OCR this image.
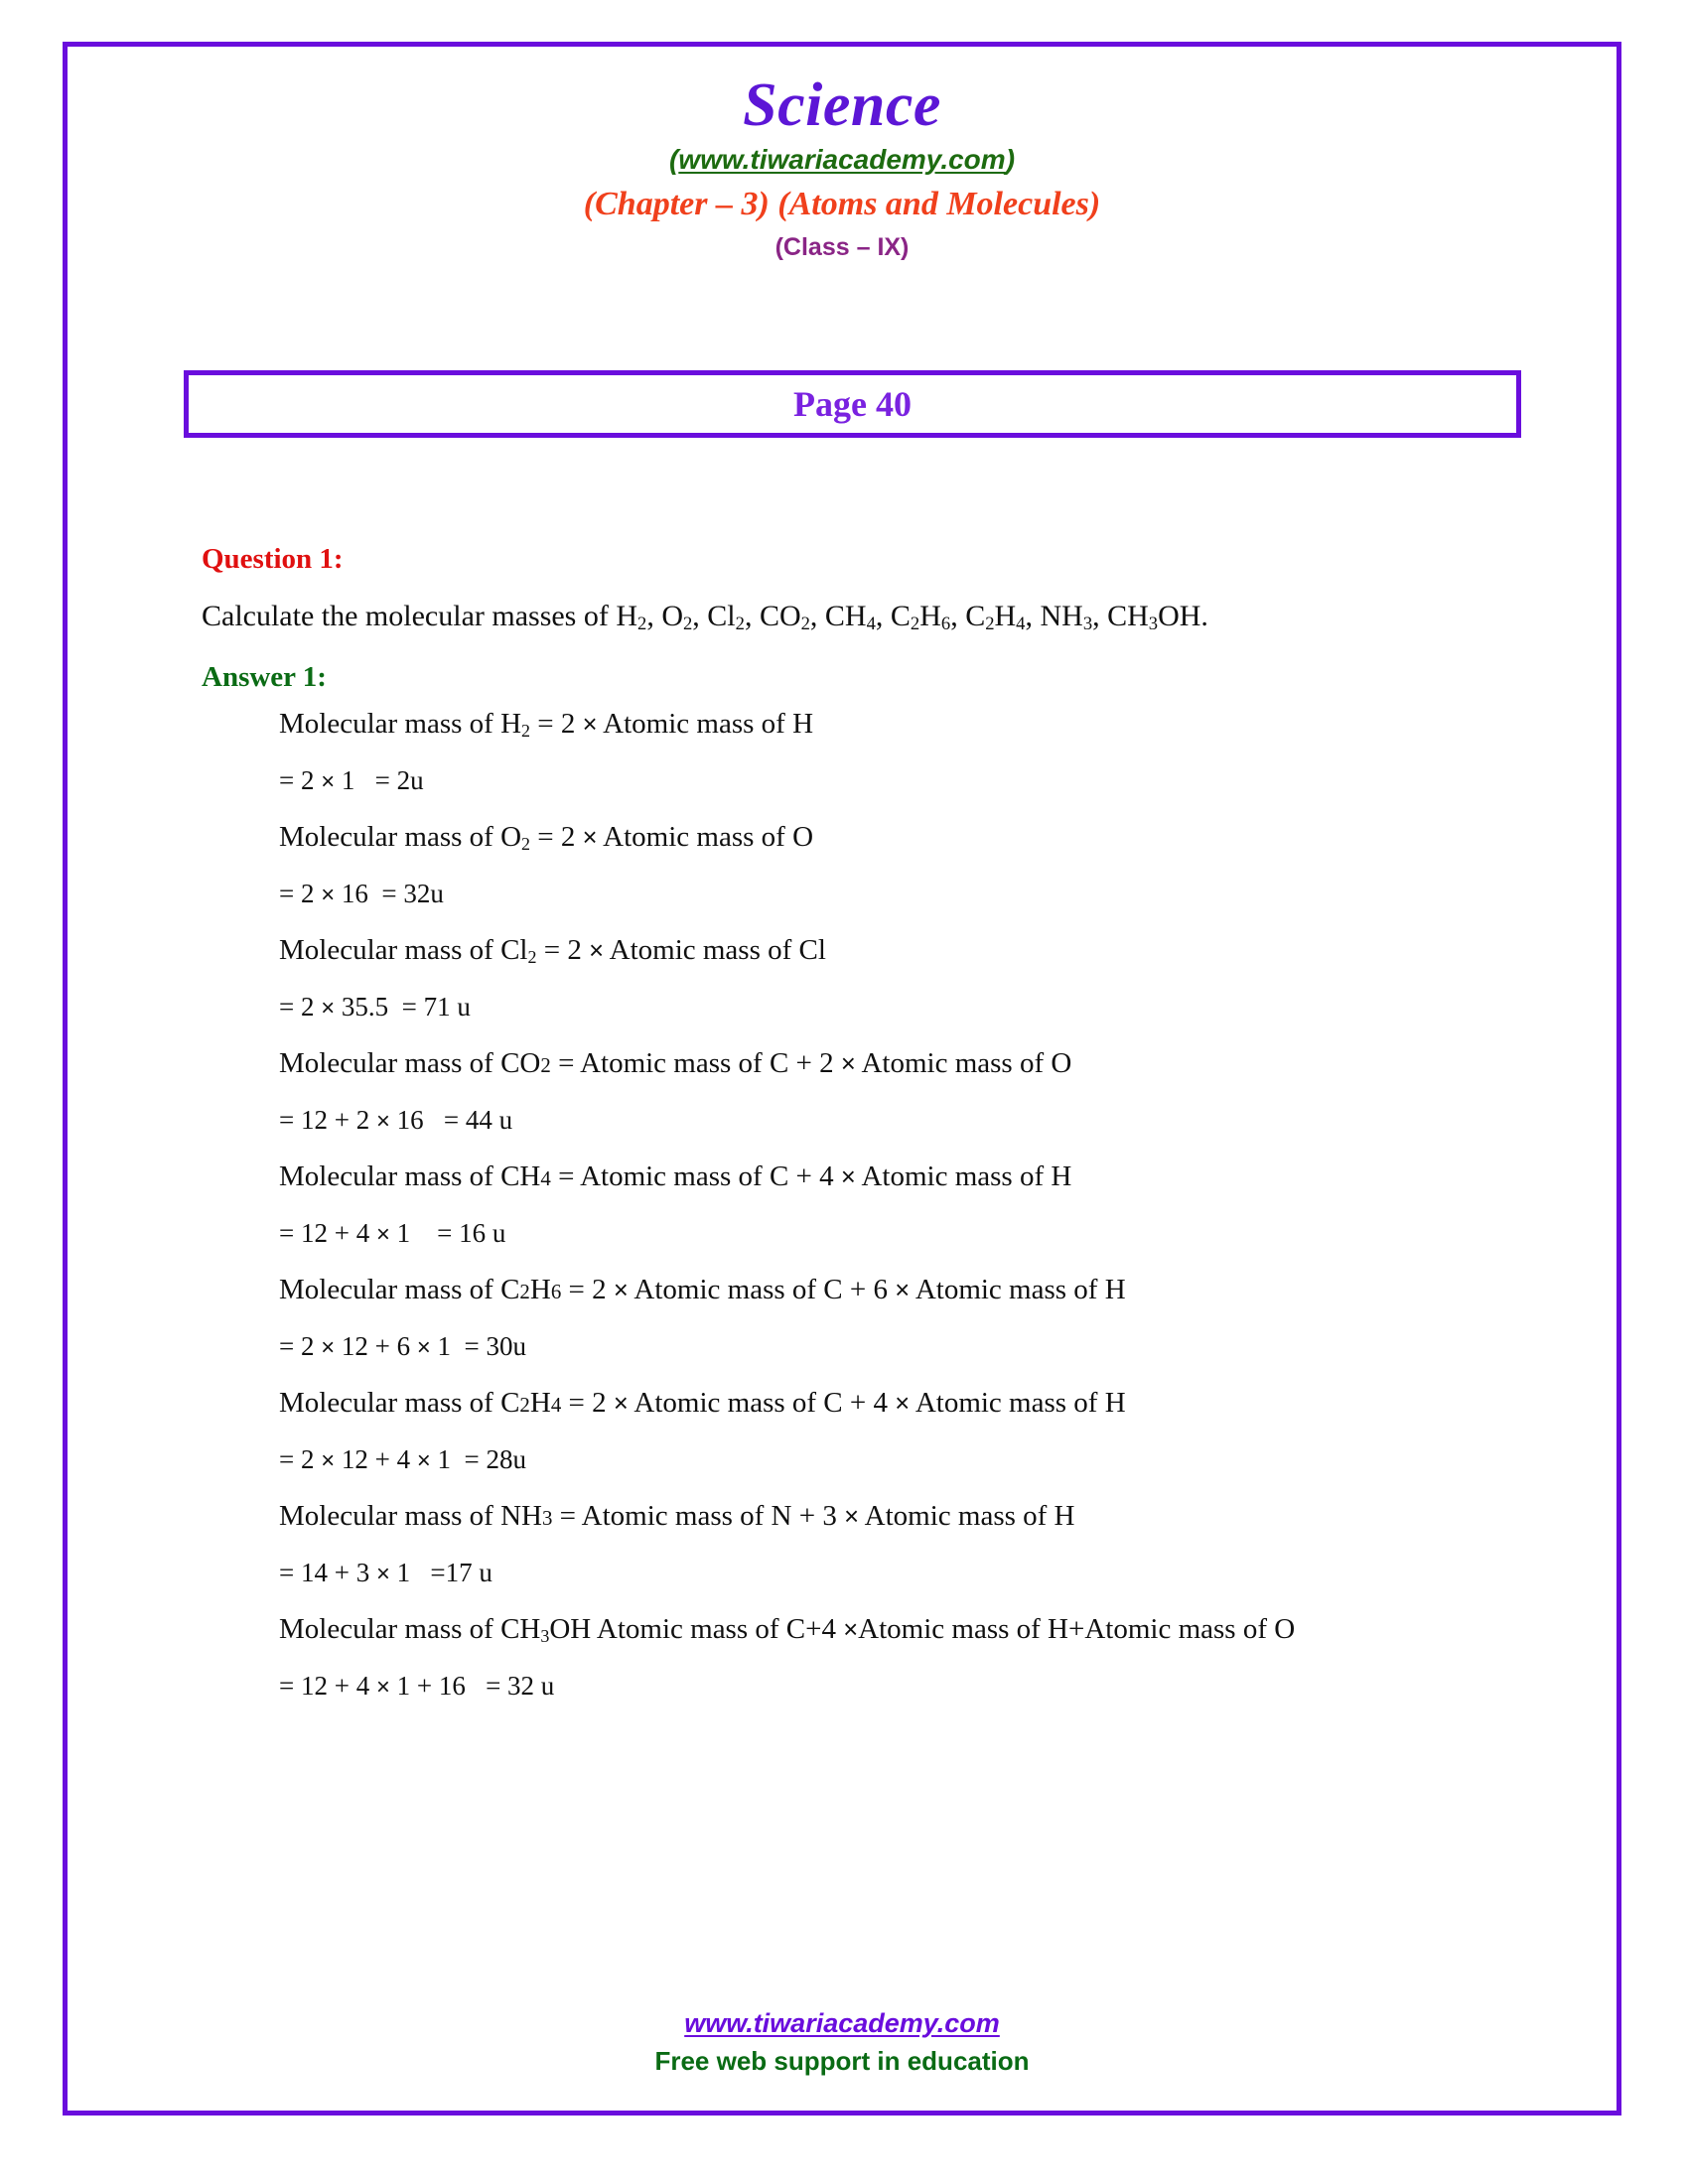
Science
(www.tiwariacademy.com)
(Chapter – 3) (Atoms and Molecules)
(Class – IX)
Page 40
Question 1:
Calculate the molecular masses of $H_2$, $O_2$, $Cl_2$, $CO_2$, $CH_4$, $C_2H_6$, $C_2H_4$, $NH_3$, $CH_3OH$.
Answer 1:
Molecular mass of $H_2 = 2$ × Atomic mass of H
= 2 × 1   = 2u
Molecular mass of $O_2 = 2$ × Atomic mass of O
= 2 × 16  = 32u
Molecular mass of $Cl_2 = 2$ × Atomic mass of Cl
= 2 × 35.5  = 71 u
Molecular mass of CO2 = Atomic mass of C + 2 × Atomic mass of O
= 12 + 2 × 16   = 44 u
Molecular mass of CH4 = Atomic mass of C + 4 × Atomic mass of H
= 12 + 4 × 1    = 16 u
Molecular mass of C2H6 = 2 × Atomic mass of C + 6 × Atomic mass of H
= 2 × 12 + 6 × 1  = 30u
Molecular mass of C2H4 = 2 × Atomic mass of C + 4 × Atomic mass of H
= 2 × 12 + 4 × 1  = 28u
Molecular mass of NH3 = Atomic mass of N + 3 × Atomic mass of H
= 14 + 3 × 1   =17 u
Molecular mass of $CH_3OH$ Atomic mass of C+4 ×Atomic mass of H+Atomic mass of O
= 12 + 4 × 1 + 16   = 32 u
www.tiwariacademy.com
Free web support in education
